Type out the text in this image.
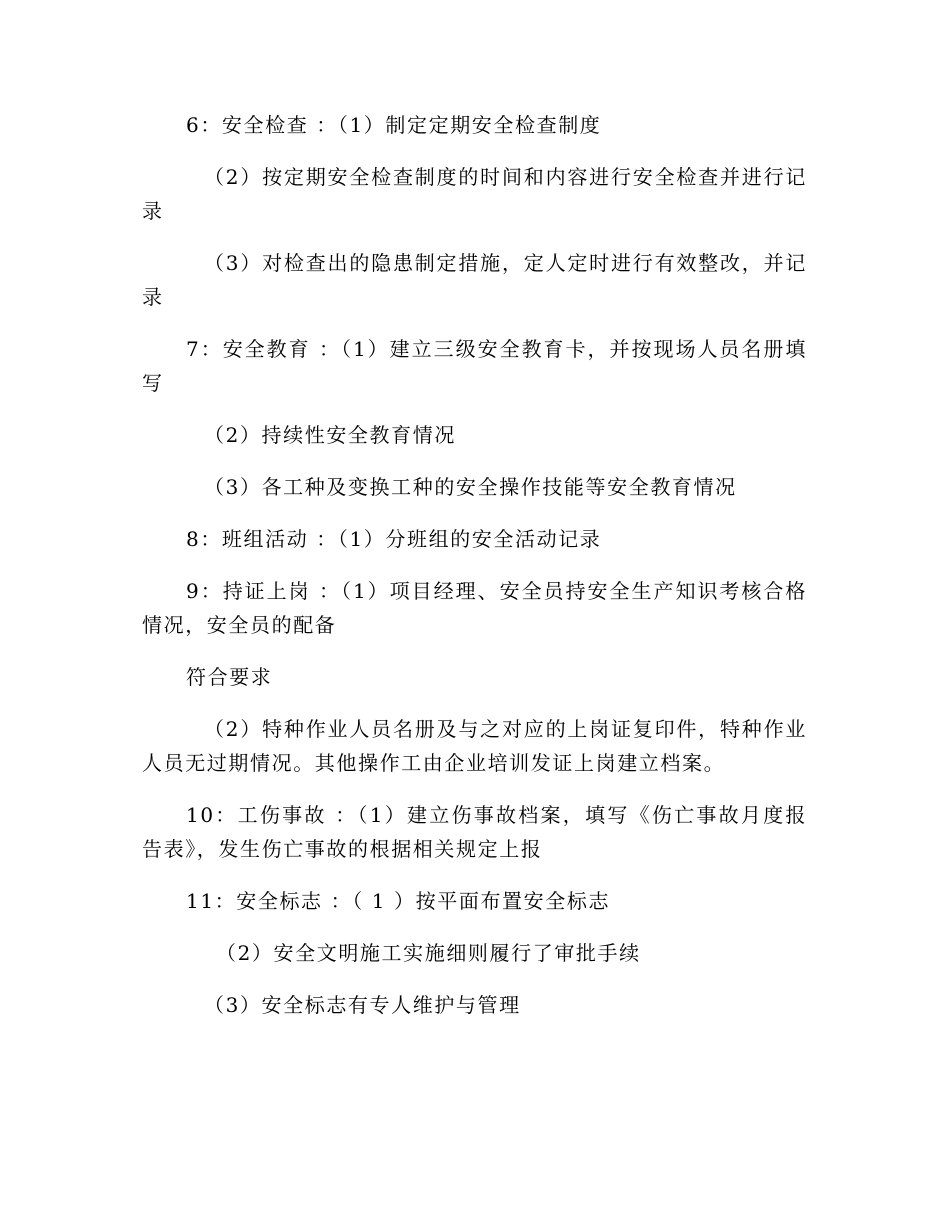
6：安全检查 ：（1）制定定期安全检查制度

（2）按定期安全检查制度的时间和内容进行安全检查并进行记录

（3）对检查出的隐患制定措施，定人定时进行有效整改，并记录

7：安全教育 ：（1）建立三级安全教育卡，并按现场人员名册填写

（2）持续性安全教育情况

（3）各工种及变换工种的安全操作技能等安全教育情况

8：班组活动 ：（1）分班组的安全活动记录

9：持证上岗 ：（1）项目经理、安全员持安全生产知识考核合格情况，安全员的配备

符合要求

（2）特种作业人员名册及与之对应的上岗证复印件，特种作业人员无过期情况。其他操作工由企业培训发证上岗建立档案。

10：工伤事故 ：（1）建立伤事故档案，填写《伤亡事故月度报告表》，发生伤亡事故的根据相关规定上报

11：安全标志 ：（ 1 ）按平面布置安全标志

（2）安全文明施工实施细则履行了审批手续

（3）安全标志有专人维护与管理
